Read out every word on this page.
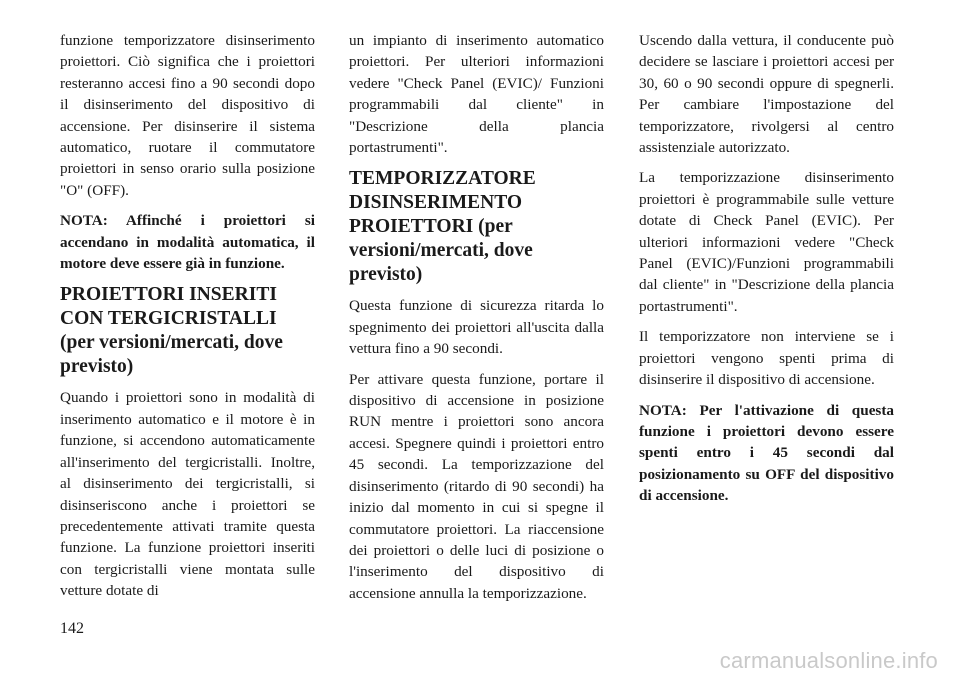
funzione temporizzatore disinserimento proiettori. Ciò significa che i proiettori resteranno accesi fino a 90 secondi dopo il disinserimento del dispositivo di accensione. Per disinserire il sistema automatico, ruotare il commutatore proiettori in senso orario sulla posizione "O" (OFF).

NOTA: Affinché i proiettori si accendano in modalità automatica, il motore deve essere già in funzione.

PROIETTORI INSERITI CON TERGICRISTALLI (per versioni/mercati, dove previsto)

Quando i proiettori sono in modalità di inserimento automatico e il motore è in funzione, si accendono automaticamente all'inserimento del tergicristalli. Inoltre, al disinserimento dei tergicristalli, si disinseriscono anche i proiettori se precedentemente attivati tramite questa funzione. La funzione proiettori inseriti con tergicristalli viene montata sulle vetture dotate di

un impianto di inserimento automatico proiettori. Per ulteriori informazioni vedere "Check Panel (EVIC)/ Funzioni programmabili dal cliente" in "Descrizione della plancia portastrumenti".

TEMPORIZZATORE DISINSERIMENTO PROIETTORI (per versioni/mercati, dove previsto)

Questa funzione di sicurezza ritarda lo spegnimento dei proiettori all'uscita dalla vettura fino a 90 secondi.

Per attivare questa funzione, portare il dispositivo di accensione in posizione RUN mentre i proiettori sono ancora accesi. Spegnere quindi i proiettori entro 45 secondi. La temporizzazione del disinserimento (ritardo di 90 secondi) ha inizio dal momento in cui si spegne il commutatore proiettori. La riaccensione dei proiettori o delle luci di posizione o l'inserimento del dispositivo di accensione annulla la temporizzazione.

Uscendo dalla vettura, il conducente può decidere se lasciare i proiettori accesi per 30, 60 o 90 secondi oppure di spegnerli. Per cambiare l'impostazione del temporizzatore, rivolgersi al centro assistenziale autorizzato.

La temporizzazione disinserimento proiettori è programmabile sulle vetture dotate di Check Panel (EVIC). Per ulteriori informazioni vedere "Check Panel (EVIC)/Funzioni programmabili dal cliente" in "Descrizione della plancia portastrumenti".

Il temporizzatore non interviene se i proiettori vengono spenti prima di disinserire il dispositivo di accensione.

NOTA: Per l'attivazione di questa funzione i proiettori devono essere spenti entro i 45 secondi dal posizionamento su OFF del dispositivo di accensione.

142
carmanualsonline.info
